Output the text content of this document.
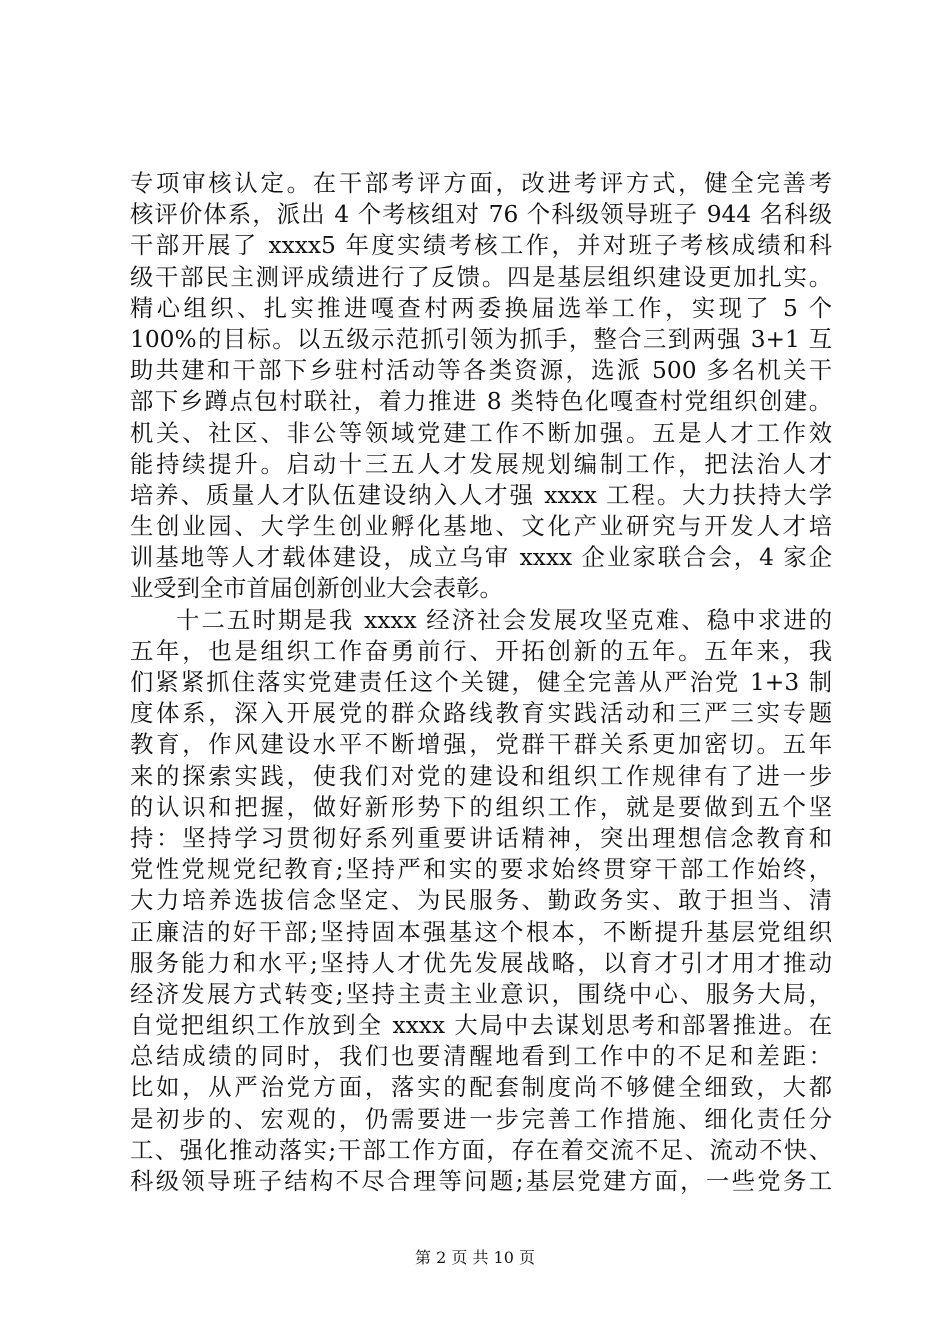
专项审核认定。在干部考评方面，改进考评方式，健全完善考
核评价体系，派出 4 个考核组对 76 个科级领导班子 944 名科级
干部开展了 xxxx5 年度实绩考核工作，并对班子考核成绩和科
级干部民主测评成绩进行了反馈。四是基层组织建设更加扎实。
精心组织、扎实推进嘎查村两委换届选举工作，实现了 5 个
100%的目标。以五级示范抓引领为抓手，整合三到两强 3+1 互
助共建和干部下乡驻村活动等各类资源，选派 500 多名机关干
部下乡蹲点包村联社，着力推进 8 类特色化嘎查村党组织创建。
机关、社区、非公等领域党建工作不断加强。五是人才工作效
能持续提升。启动十三五人才发展规划编制工作，把法治人才
培养、质量人才队伍建设纳入人才强 xxxx 工程。大力扶持大学
生创业园、大学生创业孵化基地、文化产业研究与开发人才培
训基地等人才载体建设，成立乌审 xxxx 企业家联合会，4 家企
业受到全市首届创新创业大会表彰。
十二五时期是我 xxxx 经济社会发展攻坚克难、稳中求进的
五年，也是组织工作奋勇前行、开拓创新的五年。五年来，我
们紧紧抓住落实党建责任这个关键，健全完善从严治党 1+3 制
度体系，深入开展党的群众路线教育实践活动和三严三实专题
教育，作风建设水平不断增强，党群干群关系更加密切。五年
来的探索实践，使我们对党的建设和组织工作规律有了进一步
的认识和把握，做好新形势下的组织工作，就是要做到五个坚
持：坚持学习贯彻好系列重要讲话精神，突出理想信念教育和
党性党规党纪教育;坚持严和实的要求始终贯穿干部工作始终，
大力培养选拔信念坚定、为民服务、勤政务实、敢于担当、清
正廉洁的好干部;坚持固本强基这个根本，不断提升基层党组织
服务能力和水平;坚持人才优先发展战略，以育才引才用才推动
经济发展方式转变;坚持主责主业意识，围绕中心、服务大局，
自觉把组织工作放到全 xxxx 大局中去谋划思考和部署推进。在
总结成绩的同时，我们也要清醒地看到工作中的不足和差距：
比如，从严治党方面，落实的配套制度尚不够健全细致，大都
是初步的、宏观的，仍需要进一步完善工作措施、细化责任分
工、强化推动落实;干部工作方面，存在着交流不足、流动不快、
科级领导班子结构不尽合理等问题;基层党建方面，一些党务工
第 2 页 共 10 页
